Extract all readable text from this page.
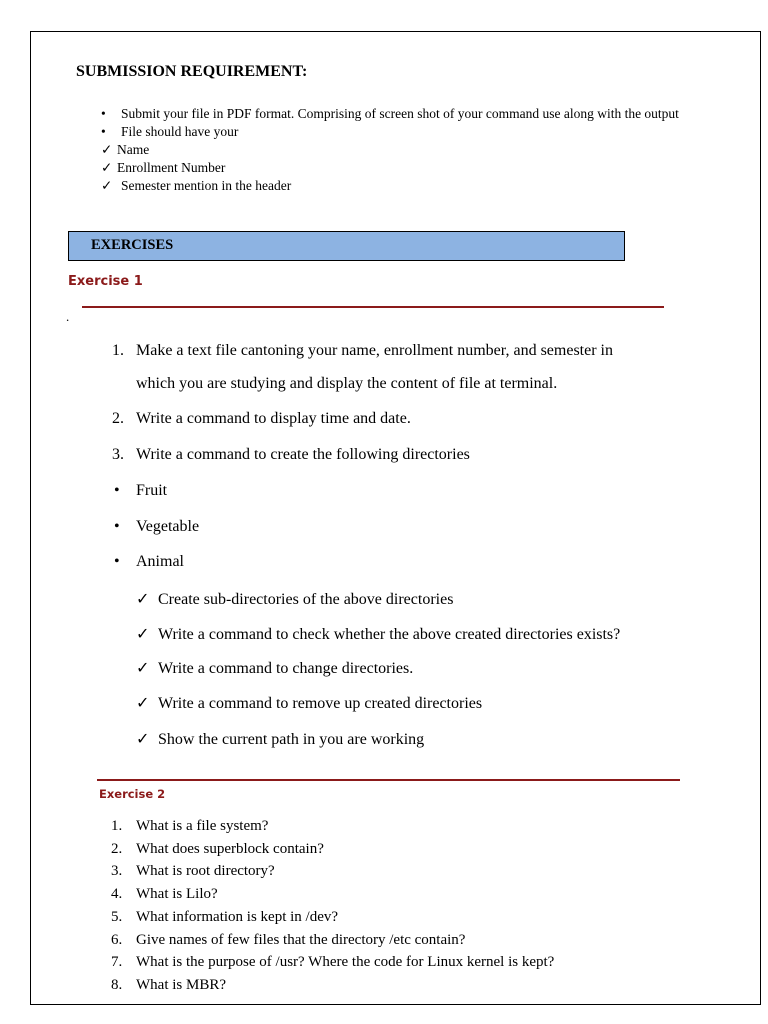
SUBMISSION REQUIREMENT:
• Submit your file in PDF format. Comprising of screen shot of your command use along with the output
• File should have your
✓ Name
✓ Enrollment Number
✓ Semester mention in the header
EXERCISES
Exercise 1
.
1. Make a text file cantoning your name, enrollment number, and semester in
which you are studying and display the content of file at terminal.
2. Write a command to display time and date.
3. Write a command to create the following directories
• Fruit
• Vegetable
• Animal
✓ Create sub-directories of the above directories
✓ Write a command to check whether the above created directories exists?
✓ Write a command to change directories.
✓ Write a command to remove up created directories
✓ Show the current path in you are working
Exercise 2
1. What is a file system?
2. What does superblock contain?
3. What is root directory?
4. What is Lilo?
5. What information is kept in /dev?
6. Give names of few files that the directory /etc contain?
7. What is the purpose of /usr? Where the code for Linux kernel is kept?
8. What is MBR?
